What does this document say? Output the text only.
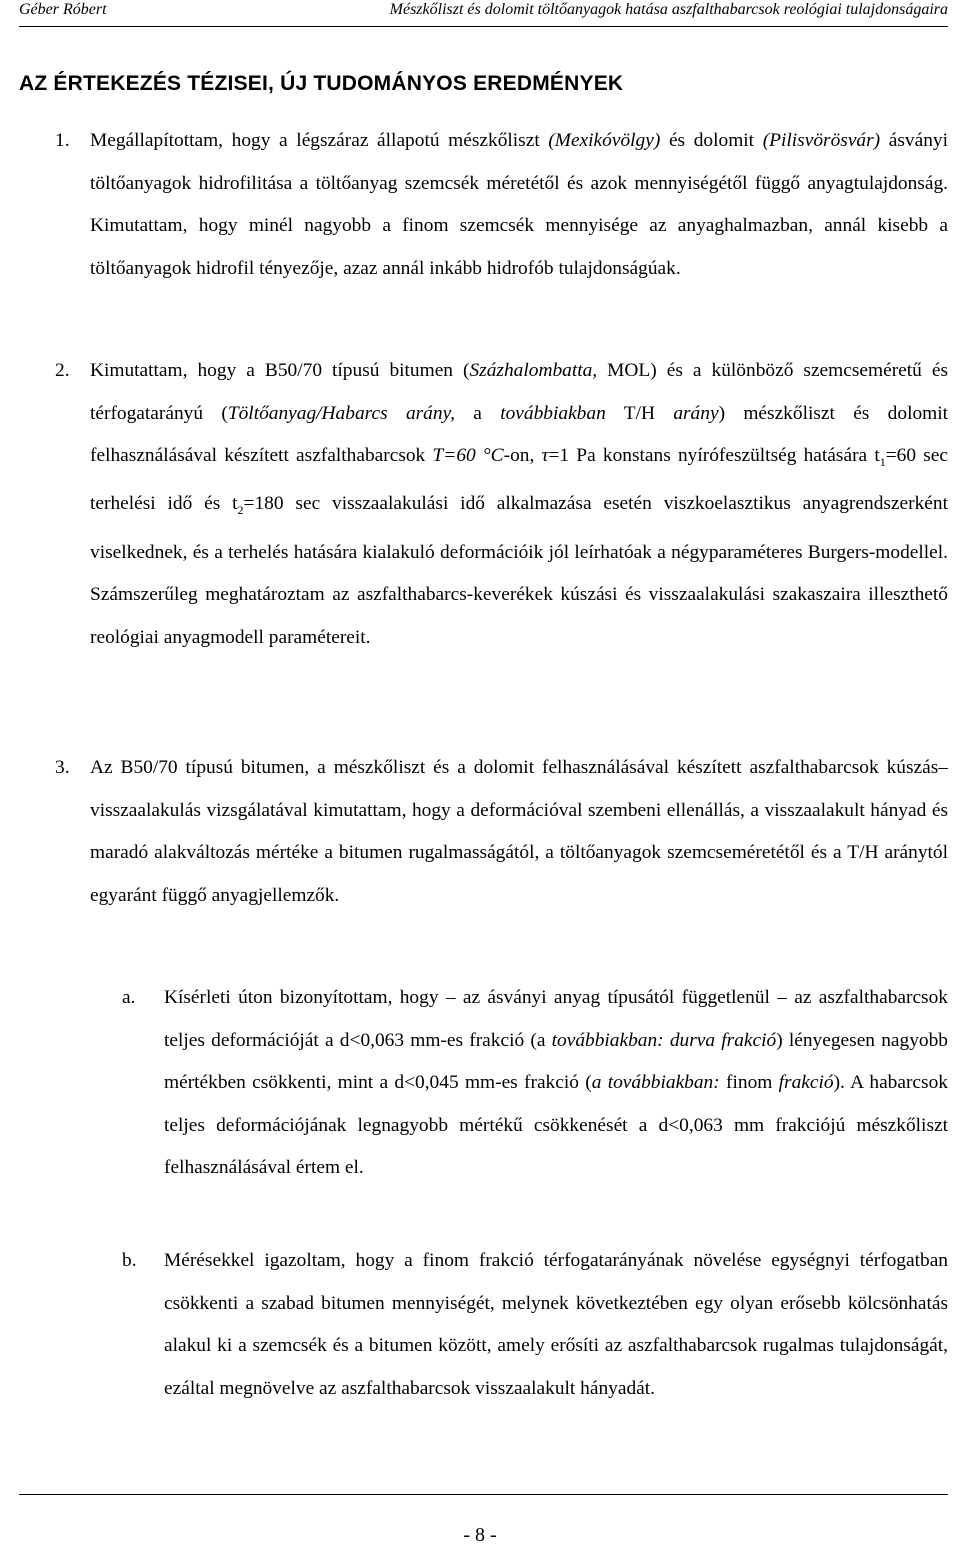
Géber Róbert	Mészkőliszt és dolomit töltőanyagok hatása aszfalthabarcsok reológiai tulajdonságaira
AZ ÉRTEKEZÉS TÉZISEI, ÚJ TUDOMÁNYOS EREDMÉNYEK
1.	Megállapítottam, hogy a légszáraz állapotú mészkőliszt (Mexikóvölgy) és dolomit (Pilisvörösvár) ásványi töltőanyagok hidrofilitása a töltőanyag szemcsék méretétől és azok mennyiségétől függő anyagtulajdonság. Kimutattam, hogy minél nagyobb a finom szemcsék mennyisége az anyaghalmazban, annál kisebb a töltőanyagok hidrofil tényezője, azaz annál inkább hidrofób tulajdonságúak.

2.	Kimutattam, hogy a B50/70 típusú bitumen (Százhalombatta, MOL) és a különböző szemcseméretű és térfogatarányú (Töltőanyag/Habarcs arány, a továbbiakban T/H arány) mészkőliszt és dolomit felhasználásával készített aszfalthabarcsok T=60 °C-on, τ=1 Pa konstans nyírófeszültség hatására $t_1=60$ sec terhelési idő és $t_2=180$ sec visszaalakulási idő alkalmazása esetén viszkoelasztikus anyagrendszerként viselkednek, és a terhelés hatására kialakuló deformációik jól leírhatóak a négyparaméteres Burgers-modellel. Számszerűleg meghatároztam az aszfalthabarcs-keverékek kúszási és visszaalakulási szakaszaira illeszthető reológiai anyagmodell paramétereit.

3.	Az B50/70 típusú bitumen, a mészkőliszt és a dolomit felhasználásával készített aszfalthabarcsok kúszás–visszaalakulás vizsgálatával kimutattam, hogy a deformációval szembeni ellenállás, a visszaalakult hányad és maradó alakváltozás mértéke a bitumen rugalmasságától, a töltőanyagok szemcseméretétől és a T/H aránytól egyaránt függő anyagjellemzők.

a.	Kísérleti úton bizonyítottam, hogy – az ásványi anyag típusától függetlenül – az aszfalthabarcsok teljes deformációját a d<0,063 mm-es frakció (a továbbiakban: durva frakció) lényegesen nagyobb mértékben csökkenti, mint a d<0,045 mm-es frakció (a továbbiakban: finom frakció). A habarcsok teljes deformációjának legnagyobb mértékű csökkenését a d<0,063 mm frakciójú mészkőliszt felhasználásával értem el.

b.	Mérésekkel igazoltam, hogy a finom frakció térfogatarányának növelése egységnyi térfogatban csökkenti a szabad bitumen mennyiségét, melynek következtében egy olyan erősebb kölcsönhatás alakul ki a szemcsék és a bitumen között, amely erősíti az aszfalthabarcsok rugalmas tulajdonságát, ezáltal megnövelve az aszfalthabarcsok visszaalakult hányadát.

- 8 -
